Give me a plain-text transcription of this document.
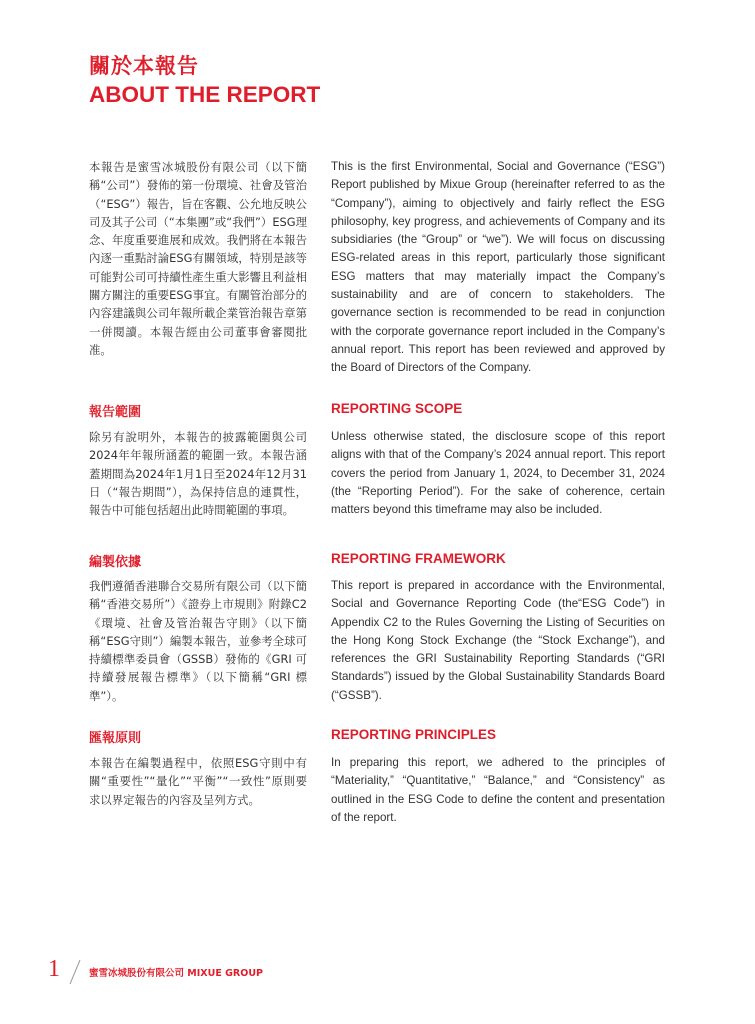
關於本報告
ABOUT THE REPORT

本報告是蜜雪冰城股份有限公司（以下簡稱“公司”）發佈的第一份環境、社會及管治（“ESG”）報告，旨在客觀、公允地反映公司及其子公司（“本集團”或“我們”）ESG理念、年度重要進展和成效。我們將在本報告內逐一重點討論ESG有關領域，特別是該等可能對公司可持續性產生重大影響且利益相關方關注的重要ESG事宜。有關管治部分的內容建議與公司年報所載企業管治報告章第一併閱讀。本報告經由公司董事會審閱批准。

This is the first Environmental, Social and Governance (“ESG”) Report published by Mixue Group (hereinafter referred to as the “Company”), aiming to objectively and fairly reflect the ESG philosophy, key progress, and achievements of Company and its subsidiaries (the “Group” or “we”). We will focus on discussing ESG-related areas in this report, particularly those significant ESG matters that may materially impact the Company’s sustainability and are of concern to stakeholders. The governance section is recommended to be read in conjunction with the corporate governance report included in the Company’s annual report. This report has been reviewed and approved by the Board of Directors of the Company.

報告範圍	REPORTING SCOPE

除另有說明外，本報告的披露範圍與公司2024年年報所涵蓋的範圍一致。本報告涵蓋期間為2024年1月1日至2024年12月31日（“報告期間”），為保持信息的連貫性，報告中可能包括超出此時間範圍的事項。

Unless otherwise stated, the disclosure scope of this report aligns with that of the Company’s 2024 annual report. This report covers the period from January 1, 2024, to December 31, 2024 (the “Reporting Period”). For the sake of coherence, certain matters beyond this timeframe may also be included.

編製依據	REPORTING FRAMEWORK

我們遵循香港聯合交易所有限公司（以下簡稱“香港交易所”）《證券上市規則》附錄C2《環境、社會及管治報告守則》（以下簡稱“ESG守則”）編製本報告，並參考全球可持續標準委員會（GSSB）發佈的《GRI 可持續發展報告標準》（以下簡稱“GRI 標準”）。

This report is prepared in accordance with the Environmental, Social and Governance Reporting Code (the“ESG Code”) in Appendix C2 to the Rules Governing the Listing of Securities on the Hong Kong Stock Exchange (the “Stock Exchange”), and references the GRI Sustainability Reporting Standards (“GRI Standards”) issued by the Global Sustainability Standards Board (“GSSB”).

匯報原則	REPORTING PRINCIPLES

本報告在編製過程中，依照ESG守則中有關“重要性”“量化”“平衡”“一致性”原則要求以界定報告的內容及呈列方式。

In preparing this report, we adhered to the principles of “Materiality,” “Quantitative,” “Balance,” and “Consistency” as outlined in the ESG Code to define the content and presentation of the report.

1	蜜雪冰城股份有限公司 MIXUE GROUP
